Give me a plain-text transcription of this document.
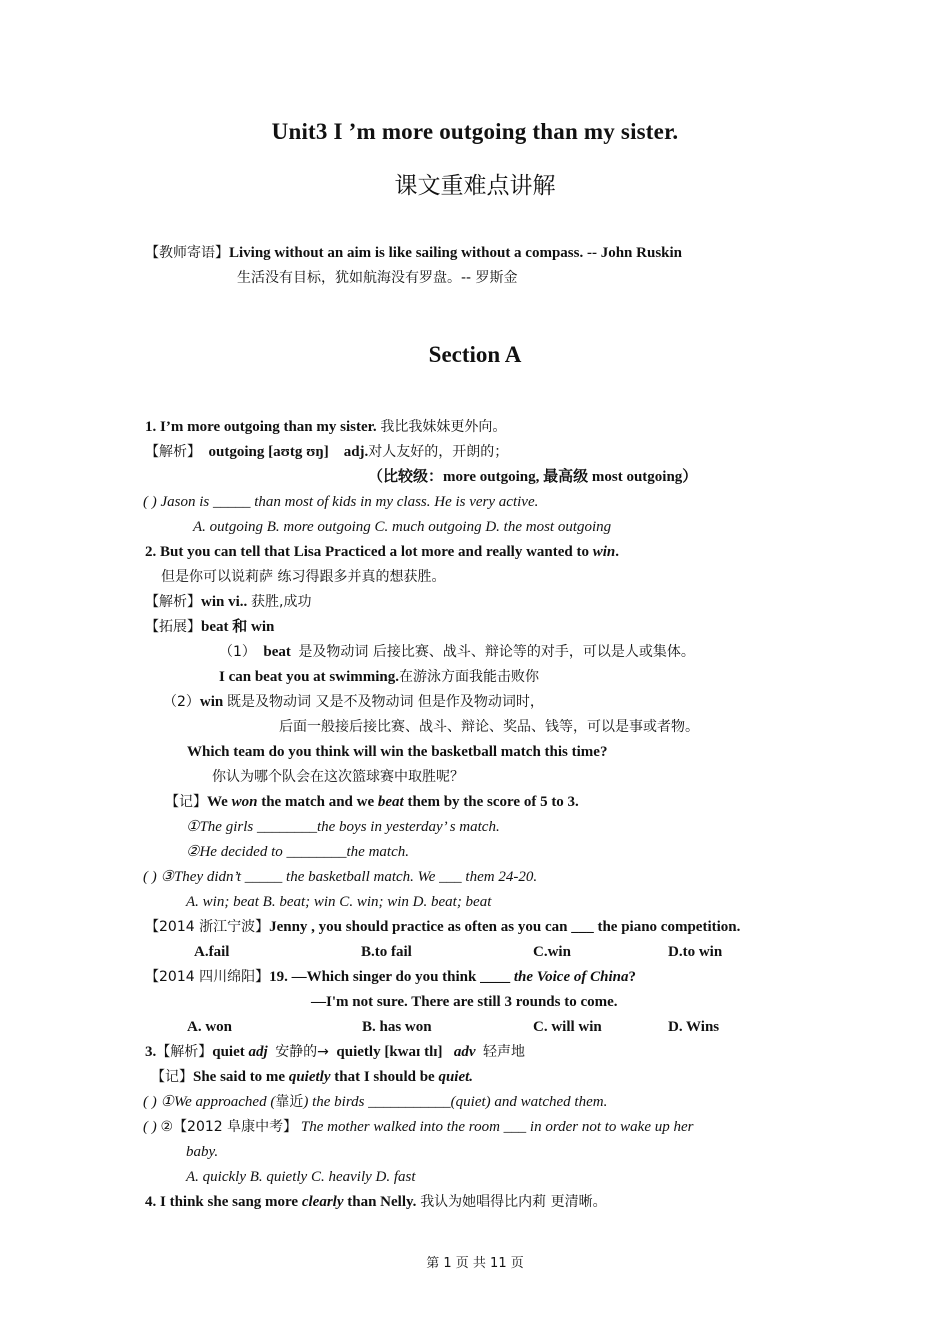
Unit3 I ’m more outgoing than my sister.
课文重难点讲解
【教师寄语】Living without an aim is like sailing without a compass. -- John Ruskin
生活没有目标，犹如航海没有罗盘。-- 罗斯金
Section A
1. I’m more outgoing than my sister. 我比我妹妹更外向。
【解析】 outgoing [aʊtg ʊŋ] adj.对人友好的，开朗的；
（比较级：more outgoing, 最高级 most outgoing）
( ) Jason is _____ than most of kids in my class. He is very active.
A. outgoing B. more outgoing C. much outgoing D. the most outgoing
2. But you can tell that Lisa Practiced a lot more and really wanted to win.
但是你可以说莉萨 练习得跟多并真的想获胜。
【解析】win vi.. 获胜,成功
【拓展】beat 和 win
（1） beat 是及物动词 后接比赛、战斗、辩论等的对手，可以是人或集体。
I can beat you at swimming.在游泳方面我能击败你
（2）win 既是及物动词 又是不及物动词 但是作及物动词时，
后面一般接后接比赛、战斗、辩论、奖品、钱等，可以是事或者物。
Which team do you think will win the basketball match this time?
你认为哪个队会在这次篮球赛中取胜呢？
【记】We won the match and we beat them by the score of 5 to 3.
①The girls ________the boys in yesterday’ s match.
②He decided to ________the match.
( ) ③They didn’t _____ the basketball match. We ___ them 24-20.
A. win; beat B. beat; win C. win; win D. beat; beat
【2014 浙江宁波】Jenny , you should practice as often as you can ___ the piano competition.
A.fail	B.to fail	C.win	D.to win
【2014 四川绵阳】19. —Which singer do you think ____ the Voice of China?
—I'm not sure. There are still 3 rounds to come.
A. won	B. has won	C. will win	D. Wins
3.【解析】quiet adj 安静的→ quietly [kwaɪ tlɪ] adv 轻声地
【记】She said to me quietly that I should be quiet.
( ) ①We approached (靠近) the birds ___________(quiet) and watched them.
( ) ②【2012 阜康中考】 The mother walked into the room ___ in order not to wake up her
baby.
A. quickly B. quietly C. heavily D. fast
4. I think she sang more clearly than Nelly. 我认为她唱得比内莉 更清晰。
第 1 页 共 11 页
